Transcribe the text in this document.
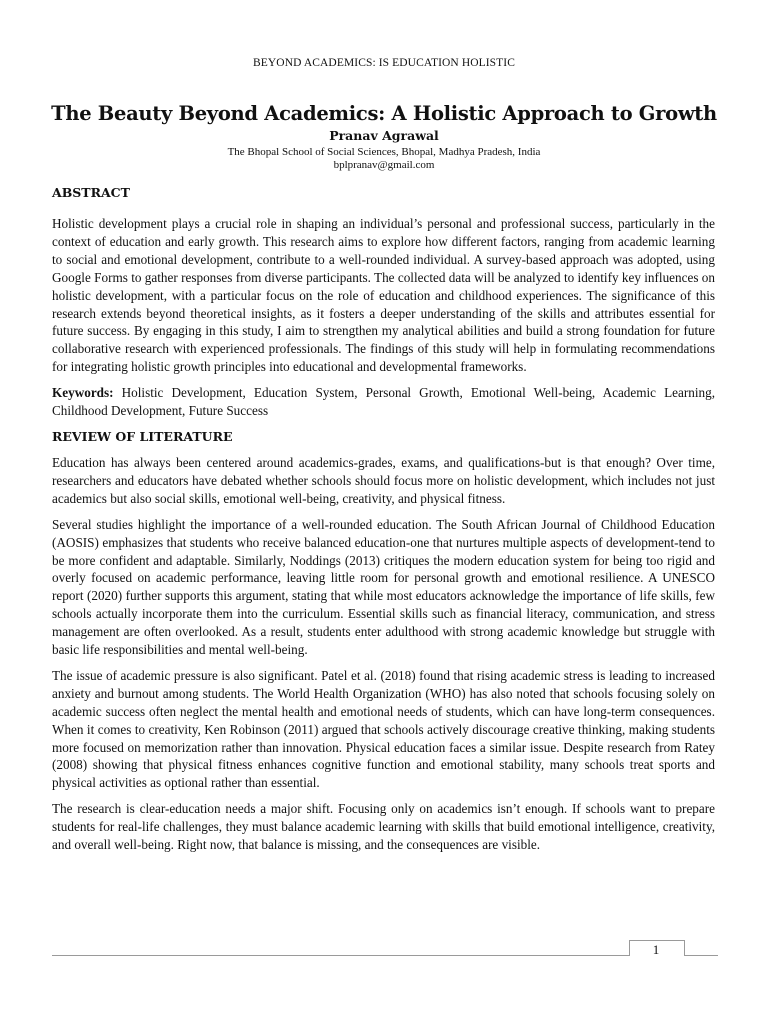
BEYOND ACADEMICS: IS EDUCATION HOLISTIC
The Beauty Beyond Academics: A Holistic Approach to Growth
Pranav Agrawal
The Bhopal School of Social Sciences, Bhopal, Madhya Pradesh, India
bplpranav@gmail.com
ABSTRACT

Holistic development plays a crucial role in shaping an individual’s personal and professional success, particularly in the context of education and early growth. This research aims to explore how different factors, ranging from academic learning to social and emotional development, contribute to a well-rounded individual. A survey-based approach was adopted, using Google Forms to gather responses from diverse participants. The collected data will be analyzed to identify key influences on holistic development, with a particular focus on the role of education and childhood experiences. The significance of this research extends beyond theoretical insights, as it fosters a deeper understanding of the skills and attributes essential for future success. By engaging in this study, I aim to strengthen my analytical abilities and build a strong foundation for future collaborative research with experienced professionals. The findings of this study will help in formulating recommendations for integrating holistic growth principles into educational and developmental frameworks.

Keywords: Holistic Development, Education System, Personal Growth, Emotional Well-being, Academic Learning, Childhood Development, Future Success

REVIEW OF LITERATURE

Education has always been centered around academics-grades, exams, and qualifications-but is that enough? Over time, researchers and educators have debated whether schools should focus more on holistic development, which includes not just academics but also social skills, emotional well-being, creativity, and physical fitness.

Several studies highlight the importance of a well-rounded education. The South African Journal of Childhood Education (AOSIS) emphasizes that students who receive balanced education-one that nurtures multiple aspects of development-tend to be more confident and adaptable. Similarly, Noddings (2013) critiques the modern education system for being too rigid and overly focused on academic performance, leaving little room for personal growth and emotional resilience. A UNESCO report (2020) further supports this argument, stating that while most educators acknowledge the importance of life skills, few schools actually incorporate them into the curriculum. Essential skills such as financial literacy, communication, and stress management are often overlooked. As a result, students enter adulthood with strong academic knowledge but struggle with basic life responsibilities and mental well-being.

The issue of academic pressure is also significant. Patel et al. (2018) found that rising academic stress is leading to increased anxiety and burnout among students. The World Health Organization (WHO) has also noted that schools focusing solely on academic success often neglect the mental health and emotional needs of students, which can have long-term consequences. When it comes to creativity, Ken Robinson (2011) argued that schools actively discourage creative thinking, making students more focused on memorization rather than innovation. Physical education faces a similar issue. Despite research from Ratey (2008) showing that physical fitness enhances cognitive function and emotional stability, many schools treat sports and physical activities as optional rather than essential.

The research is clear-education needs a major shift. Focusing only on academics isn’t enough. If schools want to prepare students for real-life challenges, they must balance academic learning with skills that build emotional intelligence, creativity, and overall well-being. Right now, that balance is missing, and the consequences are visible.

1
